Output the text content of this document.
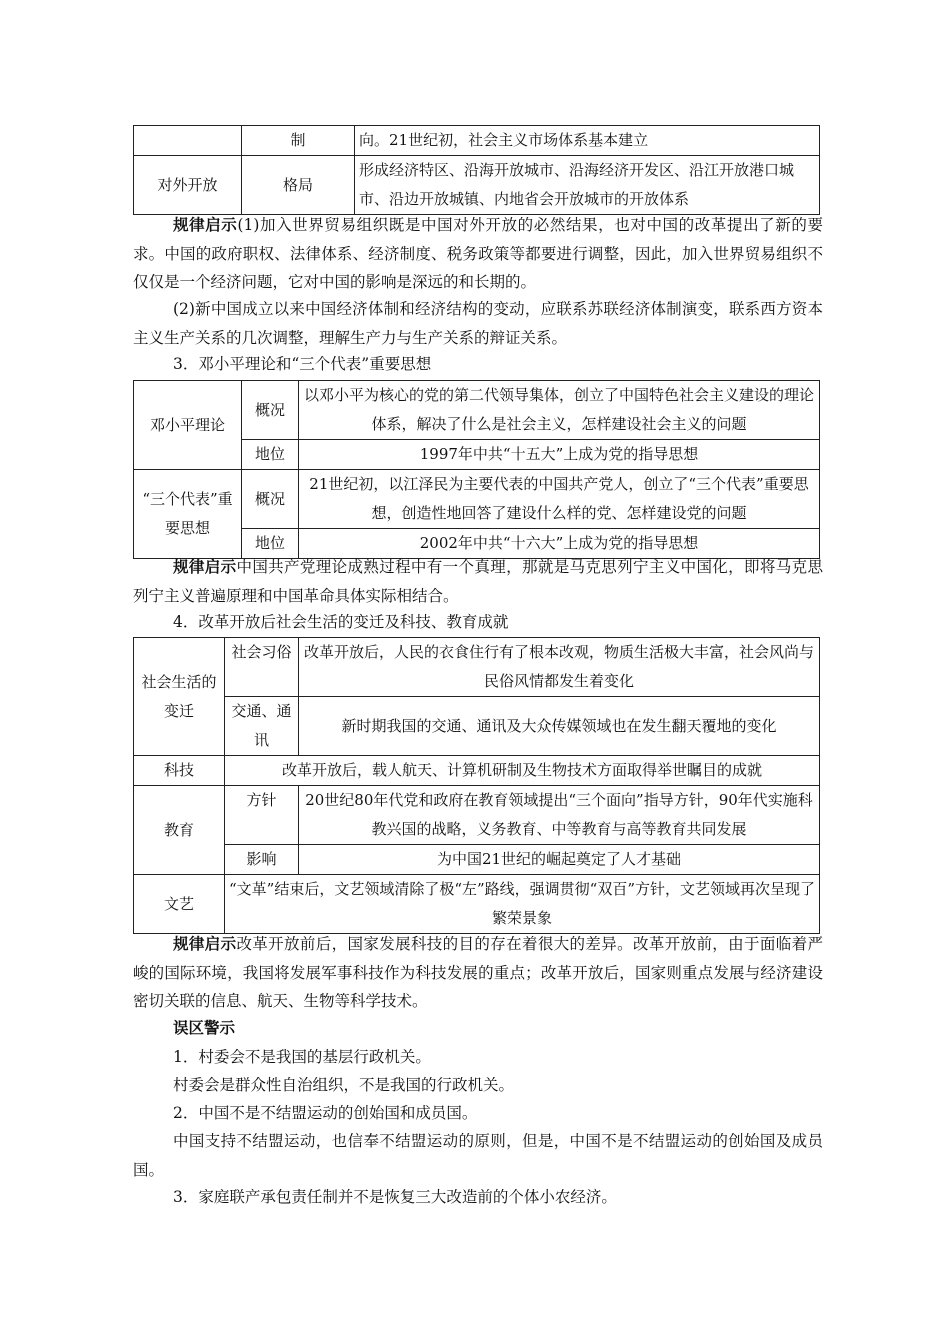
	制	向。21世纪初，社会主义市场体系基本建立
对外开放	格局	形成经济特区、沿海开放城市、沿海经济开发区、沿江开放港口城市、沿边开放城镇、内地省会开放城市的开放体系

规律启示(1)加入世界贸易组织既是中国对外开放的必然结果，也对中国的改革提出了新的要求。中国的政府职权、法律体系、经济制度、税务政策等都要进行调整，因此，加入世界贸易组织不仅仅是一个经济问题，它对中国的影响是深远的和长期的。

(2)新中国成立以来中国经济体制和经济结构的变动，应联系苏联经济体制演变，联系西方资本主义生产关系的几次调整，理解生产力与生产关系的辩证关系。

3．邓小平理论和“三个代表”重要思想

邓小平理论	概况	以邓小平为核心的党的第二代领导集体，创立了中国特色社会主义建设的理论体系，解决了什么是社会主义，怎样建设社会主义的问题
	地位	1997年中共“十五大”上成为党的指导思想
“三个代表”重要思想	概况	21世纪初，以江泽民为主要代表的中国共产党人，创立了“三个代表”重要思想，创造性地回答了建设什么样的党、怎样建设党的问题
	地位	2002年中共“十六大”上成为党的指导思想

规律启示中国共产党理论成熟过程中有一个真理，那就是马克思列宁主义中国化，即将马克思列宁主义普遍原理和中国革命具体实际相结合。

4．改革开放后社会生活的变迁及科技、教育成就

社会生活的变迁	社会习俗	改革开放后，人民的衣食住行有了根本改观，物质生活极大丰富，社会风尚与民俗风情都发生着变化
	交通、通讯	新时期我国的交通、通讯及大众传媒领域也在发生翻天覆地的变化
科技	改革开放后，载人航天、计算机研制及生物技术方面取得举世瞩目的成就	
教育	方针	20世纪80年代党和政府在教育领域提出“三个面向”指导方针，90年代实施科教兴国的战略，义务教育、中等教育与高等教育共同发展
	影响	为中国21世纪的崛起奠定了人才基础
文艺	“文革”结束后，文艺领域清除了极“左”路线，强调贯彻“双百”方针，文艺领域再次呈现了繁荣景象	

规律启示改革开放前后，国家发展科技的目的存在着很大的差异。改革开放前，由于面临着严峻的国际环境，我国将发展军事科技作为科技发展的重点；改革开放后，国家则重点发展与经济建设密切关联的信息、航天、生物等科学技术。

误区警示

1．村委会不是我国的基层行政机关。

村委会是群众性自治组织，不是我国的行政机关。

2．中国不是不结盟运动的创始国和成员国。

中国支持不结盟运动，也信奉不结盟运动的原则，但是，中国不是不结盟运动的创始国及成员国。

3．家庭联产承包责任制并不是恢复三大改造前的个体小农经济。
